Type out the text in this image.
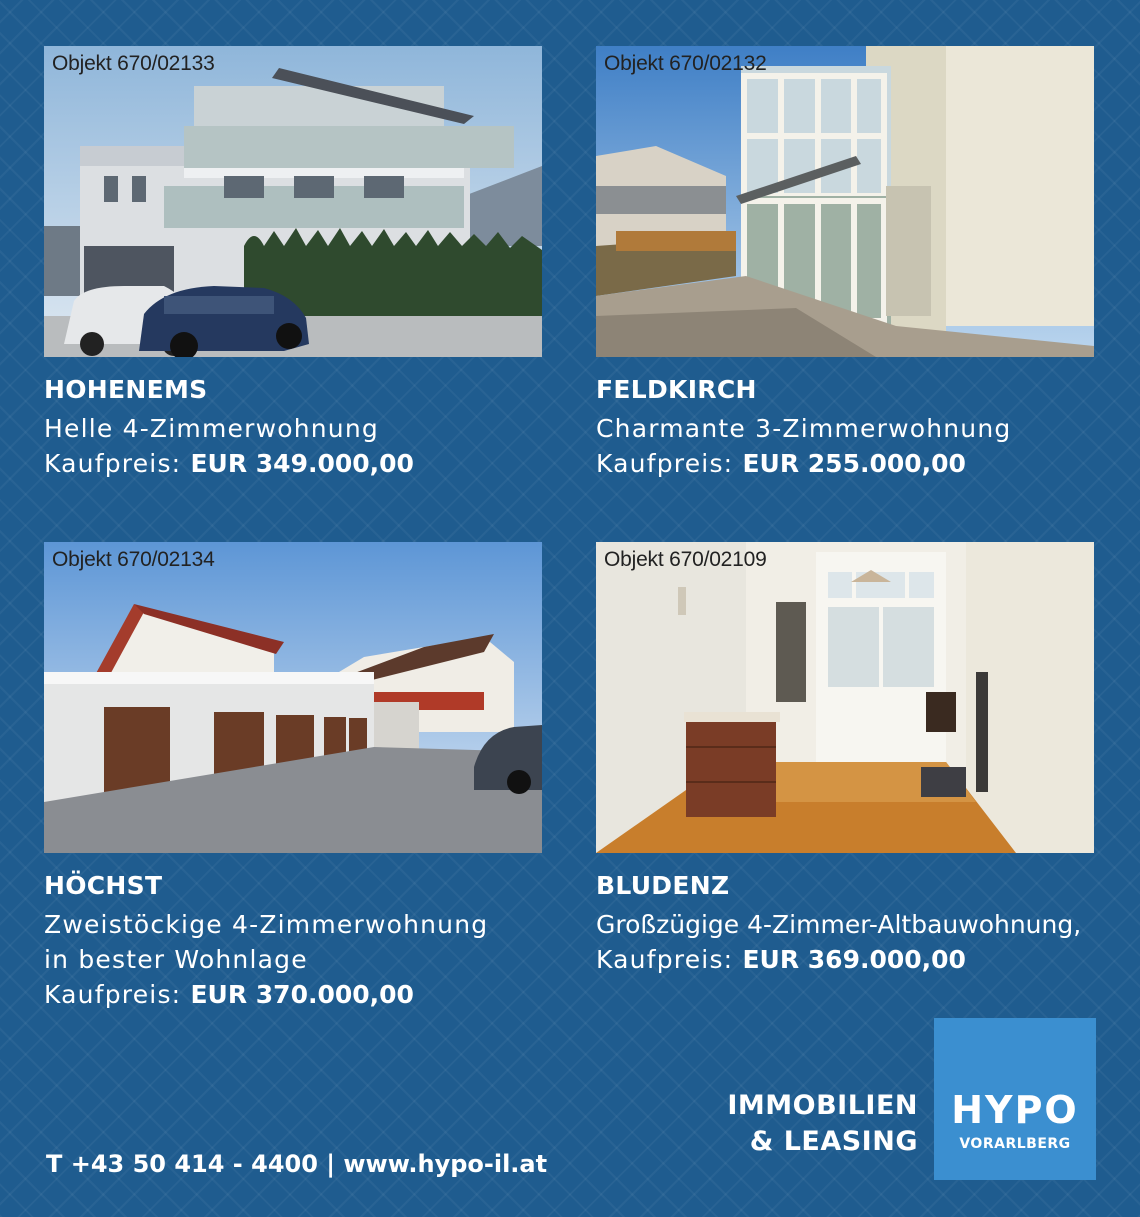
Objekt 670/02133
HOHENEMS
Helle 4-Zimmerwohnung
Kaufpreis: EUR 349.000,00
Objekt 670/02132
FELDKIRCH
Charmante 3-Zimmerwohnung
Kaufpreis: EUR 255.000,00
Objekt 670/02134
HÖCHST
Zweistöckige 4-Zimmerwohnung
in bester Wohnlage
Kaufpreis: EUR 370.000,00
Objekt 670/02109
BLUDENZ
Großzügige 4-Zimmer-Altbauwohnung,
Kaufpreis: EUR 369.000,00
T +43 50 414 - 4400 | www.hypo-il.at
IMMOBILIEN
& LEASING
HYPO
VORARLBERG
